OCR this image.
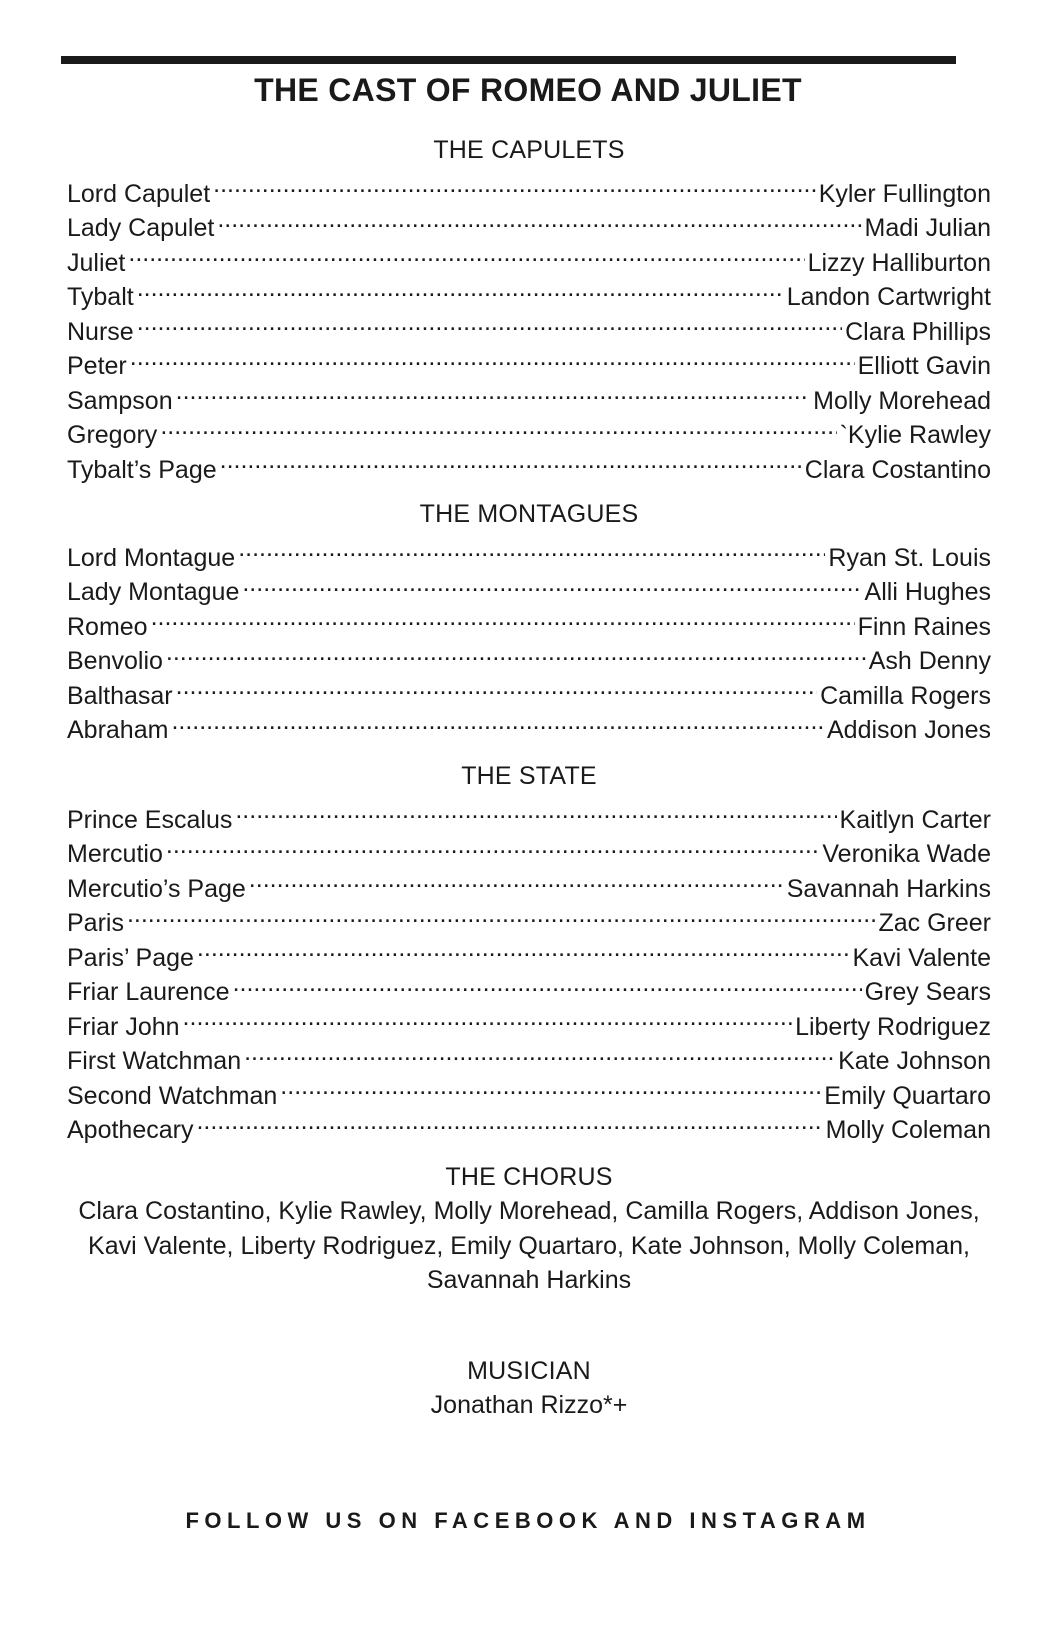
THE CAST OF ROMEO AND JULIET
THE CAPULETS
Lord Capulet .....	Kyler Fullington
Lady Capulet .....	Madi Julian
Juliet .....	Lizzy Halliburton
Tybalt .....	Landon Cartwright
Nurse .....	Clara Phillips
Peter .....	Elliott Gavin
Sampson .....	Molly Morehead
Gregory .....	`Kylie Rawley
Tybalt’s Page .....	Clara Costantino
THE MONTAGUES
Lord Montague .....	Ryan St. Louis
Lady Montague .....	Alli Hughes
Romeo .....	Finn Raines
Benvolio .....	Ash Denny
Balthasar .....	Camilla Rogers
Abraham .....	Addison Jones
THE STATE
Prince Escalus .....	Kaitlyn Carter
Mercutio .....	Veronika Wade
Mercutio’s Page .....	Savannah Harkins
Paris .....	Zac Greer
Paris’ Page .....	Kavi Valente
Friar Laurence .....	Grey Sears
Friar John .....	Liberty Rodriguez
First Watchman .....	Kate Johnson
Second Watchman .....	Emily Quartaro
Apothecary .....	Molly Coleman
THE CHORUS
Clara Costantino, Kylie Rawley, Molly Morehead, Camilla Rogers, Addison Jones,
Kavi Valente, Liberty Rodriguez, Emily Quartaro, Kate Johnson, Molly Coleman,
Savannah Harkins
MUSICIAN
Jonathan Rizzo*+
FOLLOW US ON FACEBOOK AND INSTAGRAM
